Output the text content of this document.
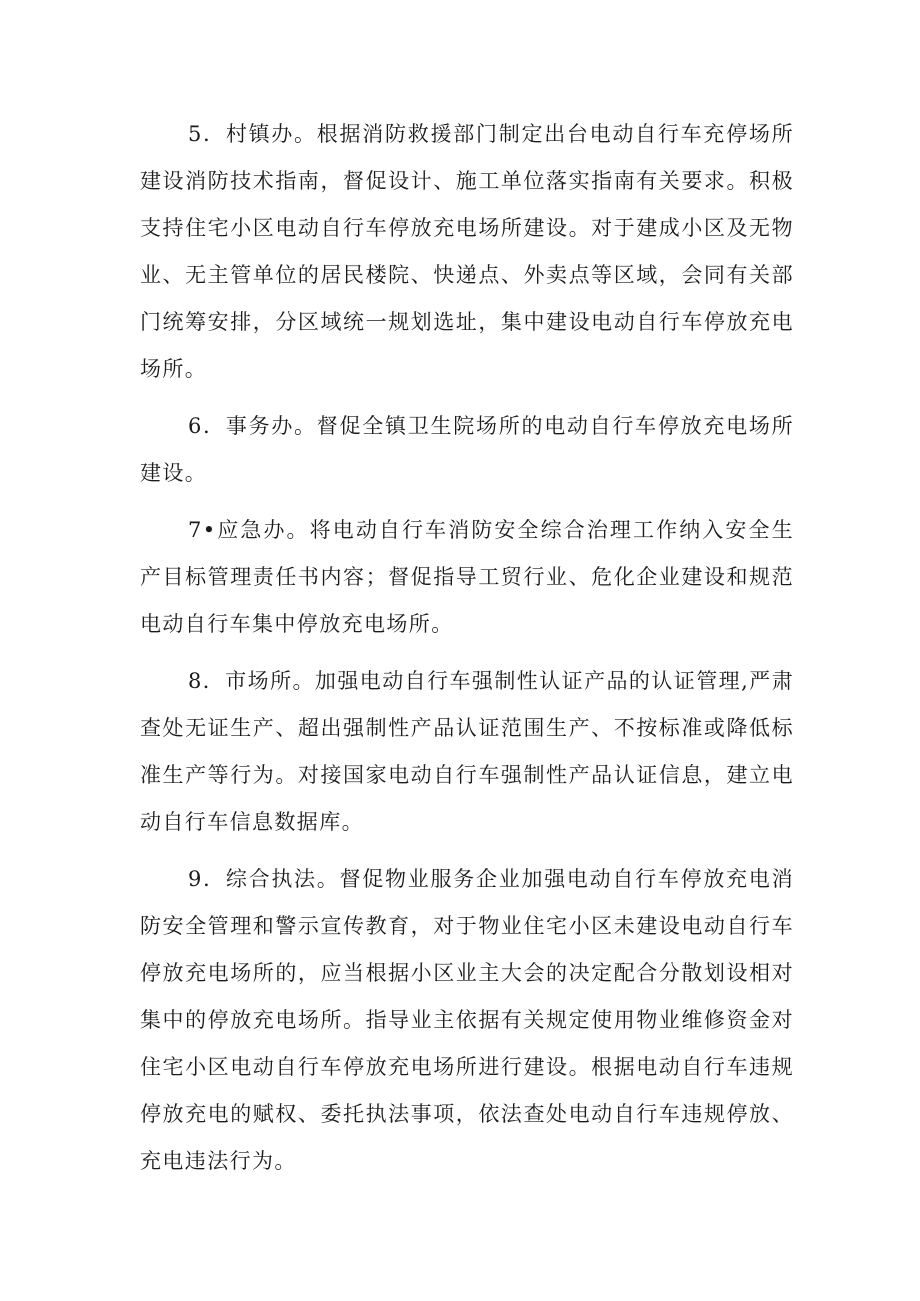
5．村镇办。根据消防救援部门制定出台电动自行车充停场所建设消防技术指南，督促设计、施工单位落实指南有关要求。积极支持住宅小区电动自行车停放充电场所建设。对于建成小区及无物业、无主管单位的居民楼院、快递点、外卖点等区域，会同有关部门统筹安排，分区域统一规划选址，集中建设电动自行车停放充电场所。

6．事务办。督促全镇卫生院场所的电动自行车停放充电场所建设。

7•应急办。将电动自行车消防安全综合治理工作纳入安全生产目标管理责任书内容；督促指导工贸行业、危化企业建设和规范电动自行车集中停放充电场所。

8．市场所。加强电动自行车强制性认证产品的认证管理,严肃查处无证生产、超出强制性产品认证范围生产、不按标准或降低标准生产等行为。对接国家电动自行车强制性产品认证信息，建立电动自行车信息数据库。

9．综合执法。督促物业服务企业加强电动自行车停放充电消防安全管理和警示宣传教育，对于物业住宅小区未建设电动自行车停放充电场所的，应当根据小区业主大会的决定配合分散划设相对集中的停放充电场所。指导业主依据有关规定使用物业维修资金对住宅小区电动自行车停放充电场所进行建设。根据电动自行车违规停放充电的赋权、委托执法事项，依法查处电动自行车违规停放、充电违法行为。
